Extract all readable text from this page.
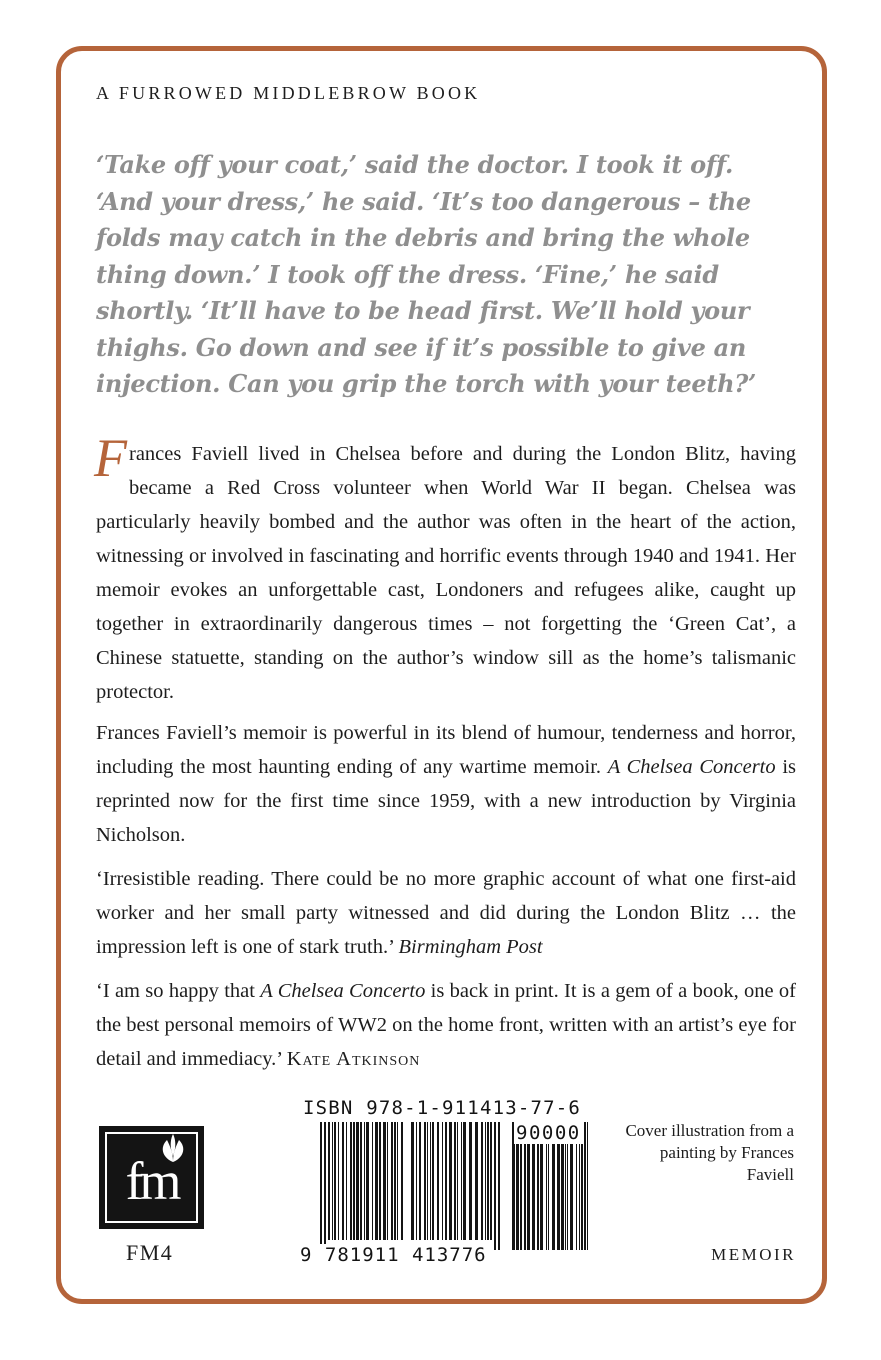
A FURROWED MIDDLEBROW BOOK

‘Take off your coat,’ said the doctor. I took it off. ‘And your dress,’ he said. ‘It’s too dangerous – the folds may catch in the debris and bring the whole thing down.’ I took off the dress. ‘Fine,’ he said shortly. ‘It’ll have to be head first. We’ll hold your thighs. Go down and see if it’s possible to give an injection. Can you grip the torch with your teeth?’

Frances Faviell lived in Chelsea before and during the London Blitz, having became a Red Cross volunteer when World War II began. Chelsea was particularly heavily bombed and the author was often in the heart of the action, witnessing or involved in fascinating and horrific events through 1940 and 1941. Her memoir evokes an unforgettable cast, Londoners and refugees alike, caught up together in extraordinarily dangerous times – not forgetting the ‘Green Cat’, a Chinese statuette, standing on the author’s window sill as the home’s talismanic protector.

Frances Faviell’s memoir is powerful in its blend of humour, tenderness and horror, including the most haunting ending of any wartime memoir. A Chelsea Concerto is reprinted now for the first time since 1959, with a new introduction by Virginia Nicholson.

‘Irresistible reading. There could be no more graphic account of what one first-aid worker and her small party witnessed and did during the London Blitz … the impression left is one of stark truth.’ Birmingham Post

‘I am so happy that A Chelsea Concerto is back in print. It is a gem of a book, one of the best personal memoirs of WW2 on the home front, written with an artist’s eye for detail and immediacy.’ Kate Atkinson

fm
FM4
ISBN 978-1-911413-77-6
90000
9 781911 413776
Cover illustration from a painting by Frances Faviell
MEMOIR
